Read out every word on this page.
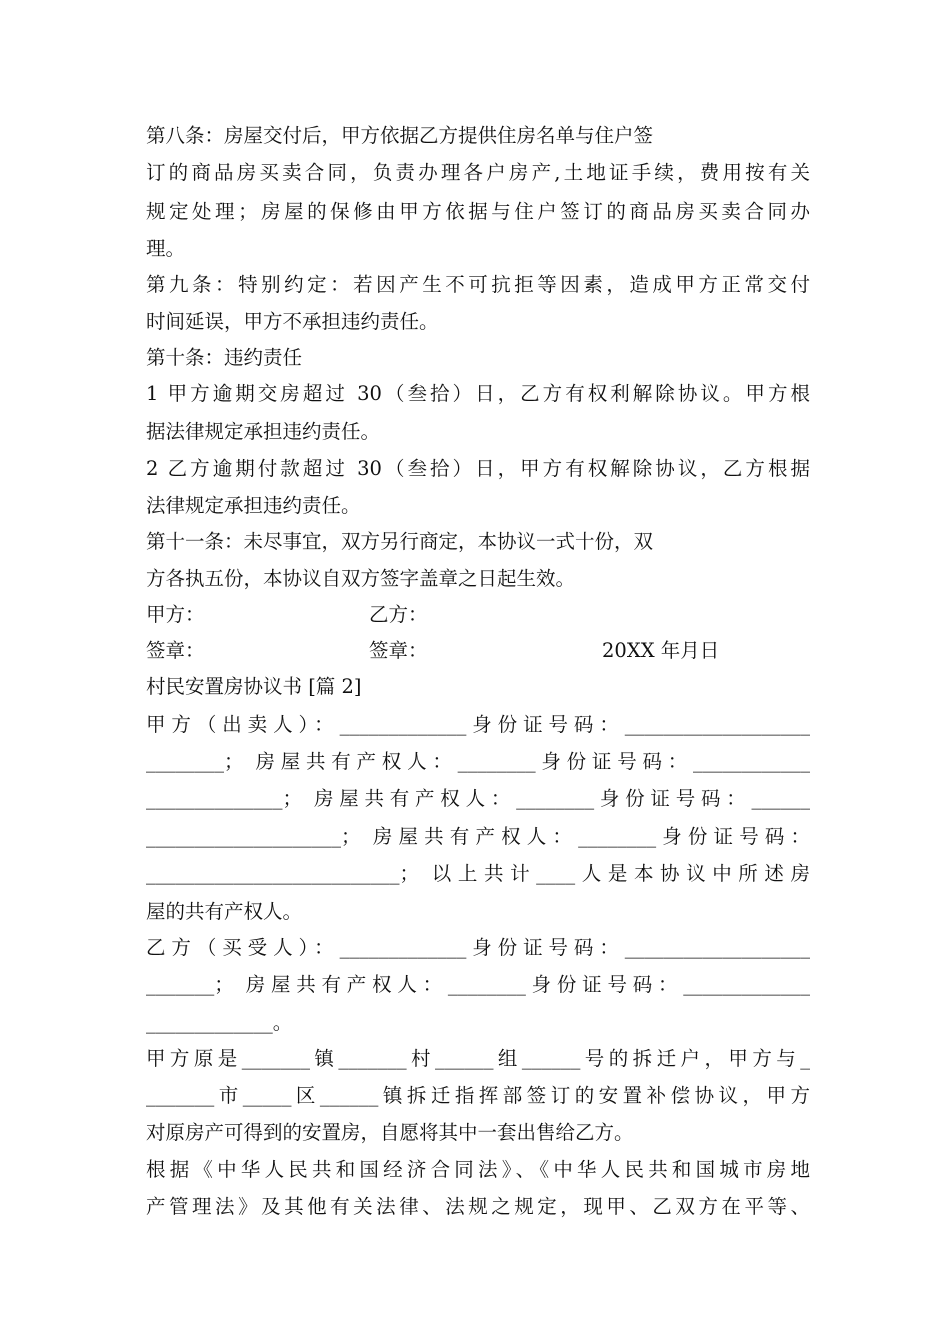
第八条：房屋交付后，甲方依据乙方提供住房名单与住户签
订的商品房买卖合同，负责办理各户房产,土地证手续，费用按有关
规定处理；房屋的保修由甲方依据与住户签订的商品房买卖合同办
理。
第九条：特别约定：若因产生不可抗拒等因素，造成甲方正常交付
时间延误，甲方不承担违约责任。
第十条：违约责任
1 甲方逾期交房超过 30（叁拾）日，乙方有权利解除协议。甲方根
据法律规定承担违约责任。
2 乙方逾期付款超过 30（叁拾）日，甲方有权解除协议，乙方根据
法律规定承担违约责任。
第十一条：未尽事宜，双方另行商定，本协议一式十份，双
方各执五份，本协议自双方签字盖章之日起生效。
甲方：	乙方：
签章：	签章：	20XX 年月日
村民安置房协议书 [篇 2]
甲方（出卖人）：_____________身份证号码：___________________
________； 房屋共有产权人：________身份证号码：____________
______________； 房屋共有产权人：________身份证号码：______
____________________； 房屋共有产权人：________身份证号码：
__________________________； 以上共计____人是本协议中所述房
屋的共有产权人。
乙方（买受人）：_____________身份证号码：___________________
_______； 房屋共有产权人：________身份证号码：_____________
_____________。
甲方原是_______镇_______村______组______号的拆迁户，甲方与_
_______市_____区______镇拆迁指挥部签订的安置补偿协议，甲方
对原房产可得到的安置房，自愿将其中一套出售给乙方。
根据《中华人民共和国经济合同法》、《中华人民共和国城市房地
产管理法》及其他有关法律、法规之规定，现甲、乙双方在平等、
